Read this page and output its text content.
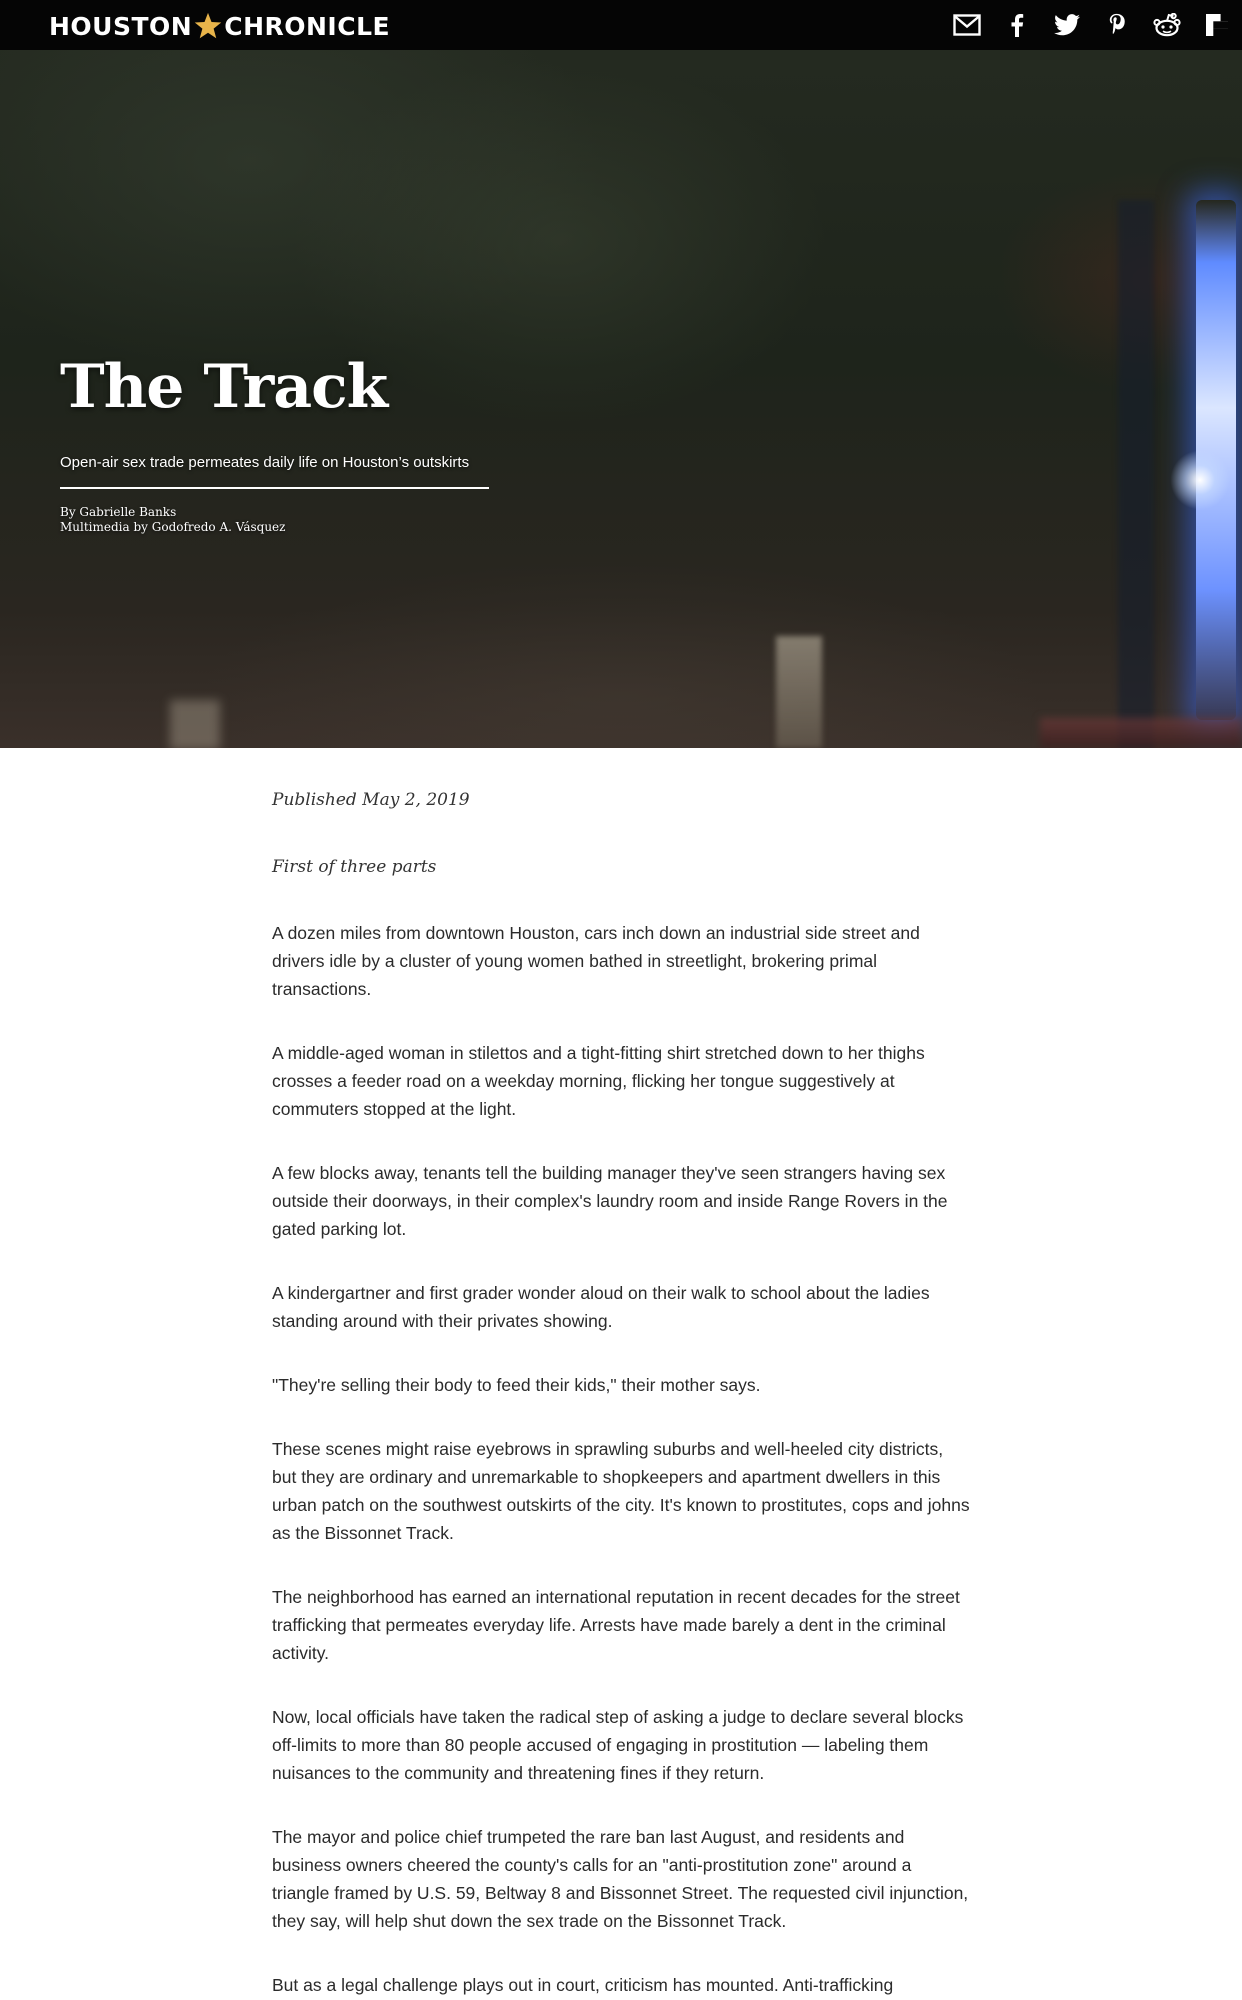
HOUSTON CHRONICLE
The Track

Open-air sex trade permeates daily life on Houston’s outskirts

By Gabrielle Banks
Multimedia by Godofredo A. Vásquez

Published May 2, 2019

First of three parts

A dozen miles from downtown Houston, cars inch down an industrial side street and drivers idle by a cluster of young women bathed in streetlight, brokering primal transactions.

A middle-aged woman in stilettos and a tight-fitting shirt stretched down to her thighs crosses a feeder road on a weekday morning, flicking her tongue suggestively at commuters stopped at the light.

A few blocks away, tenants tell the building manager they've seen strangers having sex outside their doorways, in their complex's laundry room and inside Range Rovers in the gated parking lot.

A kindergartner and first grader wonder aloud on their walk to school about the ladies standing around with their privates showing.

"They're selling their body to feed their kids," their mother says.

These scenes might raise eyebrows in sprawling suburbs and well-heeled city districts, but they are ordinary and unremarkable to shopkeepers and apartment dwellers in this urban patch on the southwest outskirts of the city. It's known to prostitutes, cops and johns as the Bissonnet Track.

The neighborhood has earned an international reputation in recent decades for the street trafficking that permeates everyday life. Arrests have made barely a dent in the criminal activity.

Now, local officials have taken the radical step of asking a judge to declare several blocks off-limits to more than 80 people accused of engaging in prostitution — labeling them nuisances to the community and threatening fines if they return.

The mayor and police chief trumpeted the rare ban last August, and residents and business owners cheered the county's calls for an "anti-prostitution zone" around a triangle framed by U.S. 59, Beltway 8 and Bissonnet Street. The requested civil injunction, they say, will help shut down the sex trade on the Bissonnet Track.

But as a legal challenge plays out in court, criticism has mounted. Anti-trafficking
